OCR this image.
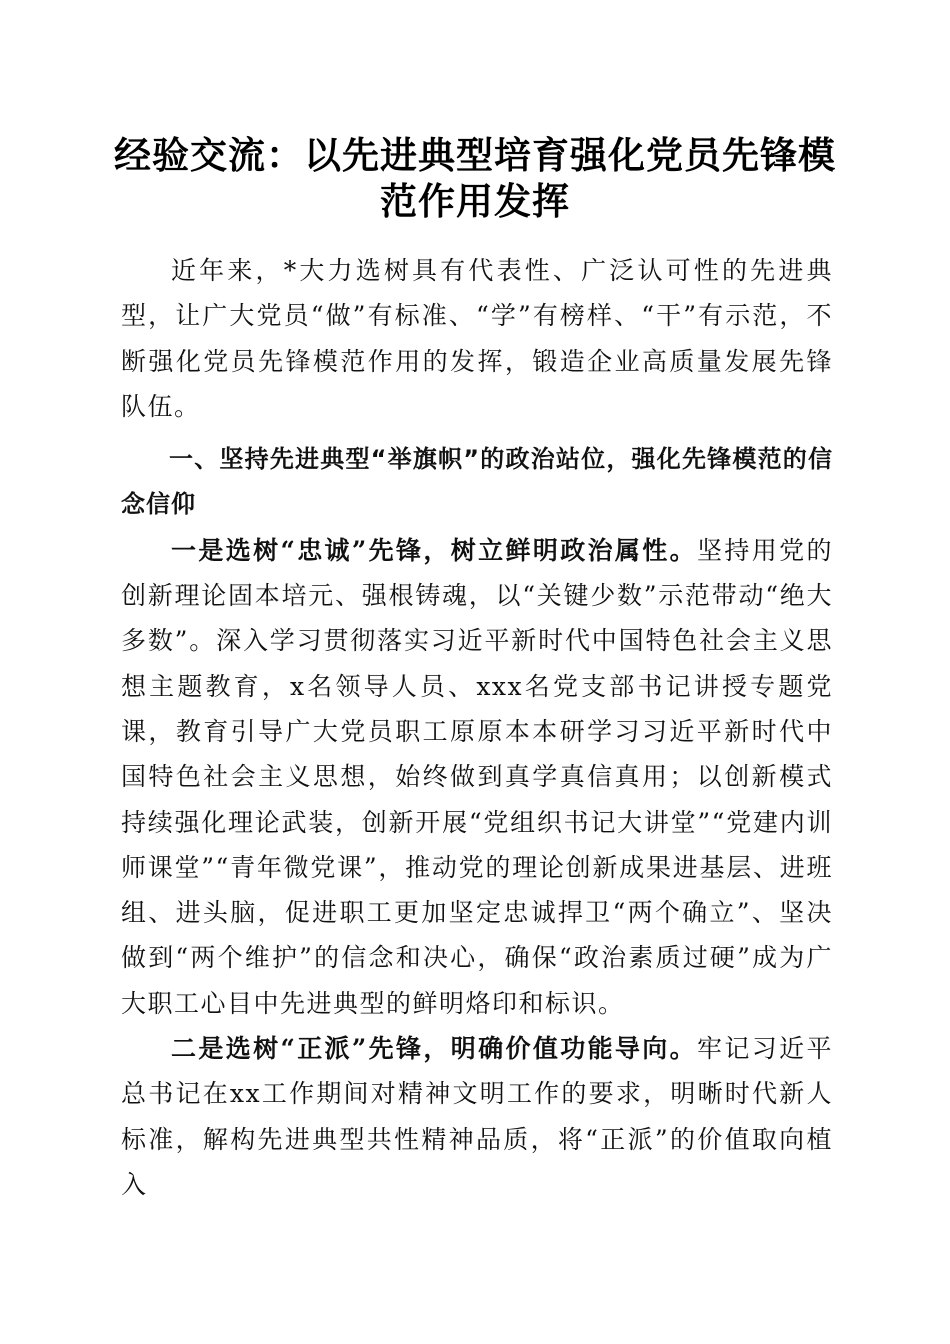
经验交流：以先进典型培育强化党员先锋模范作用发挥

近年来，*大力选树具有代表性、广泛认可性的先进典型，让广大党员“做”有标准、“学”有榜样、“干”有示范，不断强化党员先锋模范作用的发挥，锻造企业高质量发展先锋队伍。

一、坚持先进典型“举旗帜”的政治站位，强化先锋模范的信念信仰

一是选树“忠诚”先锋，树立鲜明政治属性。坚持用党的创新理论固本培元、强根铸魂，以“关键少数”示范带动“绝大多数”。深入学习贯彻落实习近平新时代中国特色社会主义思想主题教育，x名领导人员、xxx名党支部书记讲授专题党课，教育引导广大党员职工原原本本研学习习近平新时代中国特色社会主义思想，始终做到真学真信真用；以创新模式持续强化理论武装，创新开展“党组织书记大讲堂”“党建内训师课堂”“青年微党课”，推动党的理论创新成果进基层、进班组、进头脑，促进职工更加坚定忠诚捍卫“两个确立”、坚决做到“两个维护”的信念和决心，确保“政治素质过硬”成为广大职工心目中先进典型的鲜明烙印和标识。

二是选树“正派”先锋，明确价值功能导向。牢记习近平总书记在xx工作期间对精神文明工作的要求，明晰时代新人标准，解构先进典型共性精神品质，将“正派”的价值取向植入
